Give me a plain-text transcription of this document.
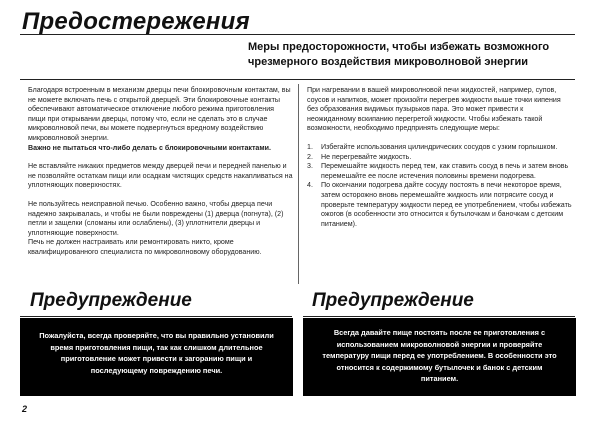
Предостережения
Меры предосторожности, чтобы избежать возможного
чрезмерного воздействия микроволновой энергии

Благодаря встроенным в механизм дверцы печи блокировочным контактам, вы не можете включать печь с открытой дверцей. Эти блокировочные контакты обеспечивают автоматическое отключение любого режима приготовления пищи при открывании дверцы, потому что, если не сделать это в случае микроволновой печи, вы можете подвергнуться вредному воздействию микроволновой энергии.

Важно не пытаться что-либо делать с блокировочными контактами.

Не вставляйте никаких предметов между дверцей печи и передней панелью и не позволяйте остаткам пищи или осадкам чистящих средств накапливаться на уплотняющих поверхностях.

Не пользуйтесь неисправной печью. Особенно важно, чтобы дверца печи надежно закрывалась, и чтобы не были повреждены (1) дверца (погнута), (2) петли и защелки (сломаны или ослаблены), (3) уплотнители дверцы и уплотняющие поверхности.

Печь не должен настраивать или ремонтировать никто, кроме квалифицированного специалиста по микроволновому оборудованию.

При нагревании в вашей микроволновой печи жидкостей, например, супов, соусов и напитков, может произойти перегрев жидкости выше точки кипения без образования видимых пузырьков пара. Это может привести к неожиданному вскипанию перегретой жидкости. Чтобы избежать такой возможности, необходимо предпринять следующие меры:

1. Избегайте использования цилиндрических сосудов с узким горлышком.
2. Не перегревайте жидкость.
3. Перемешайте жидкость перед тем, как ставить сосуд в печь и затем вновь перемешайте ее после истечения половины времени подогрева.
4. По окончании подогрева дайте сосуду постоять в печи некоторое время, затем осторожно вновь перемешайте жидкость или потрясите сосуд и проверьте температуру жидкости перед ее употреблением, чтобы избежать ожогов (в особенности это относится к бутылочкам и баночкам с детским питанием).
Предупреждение
Пожалуйста, всегда проверяйте, что вы правильно установили время приготовления пищи, так как слишком длительное приготовление может привести к загоранию пищи и последующему повреждению печи.
Предупреждение
Всегда давайте пище постоять после ее приготовления с использованием микроволновой энергии и проверяйте температуру пищи перед ее употреблением. В особенности это относится к содержимому бутылочек и банок с детским питанием.
2
